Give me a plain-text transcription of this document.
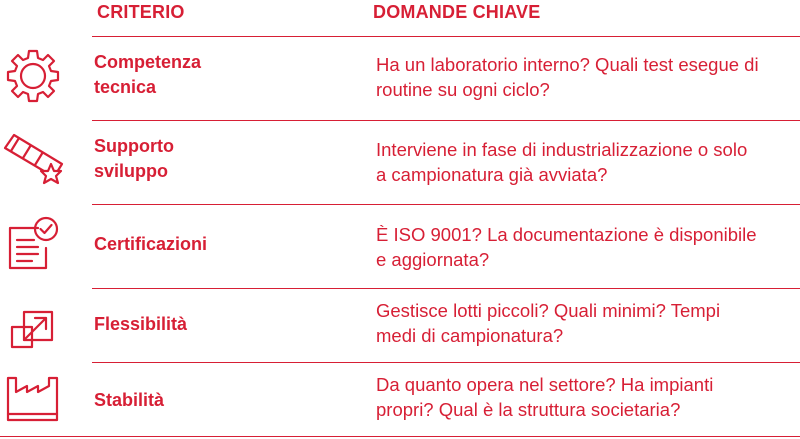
CRITERIO	DOMANDE CHIAVE
Competenza
tecnica
Ha un laboratorio interno? Quali test esegue di
routine su ogni ciclo?
Supporto
sviluppo
Interviene in fase di industrializzazione o solo
a campionatura già avviata?
Certificazioni	È ISO 9001? La documentazione è disponibile
e aggiornata?
Flessibilità
Gestisce lotti piccoli? Quali minimi? Tempi
medi di campionatura?
Stabilità
Da quanto opera nel settore? Ha impianti
propri? Qual è la struttura societaria?
